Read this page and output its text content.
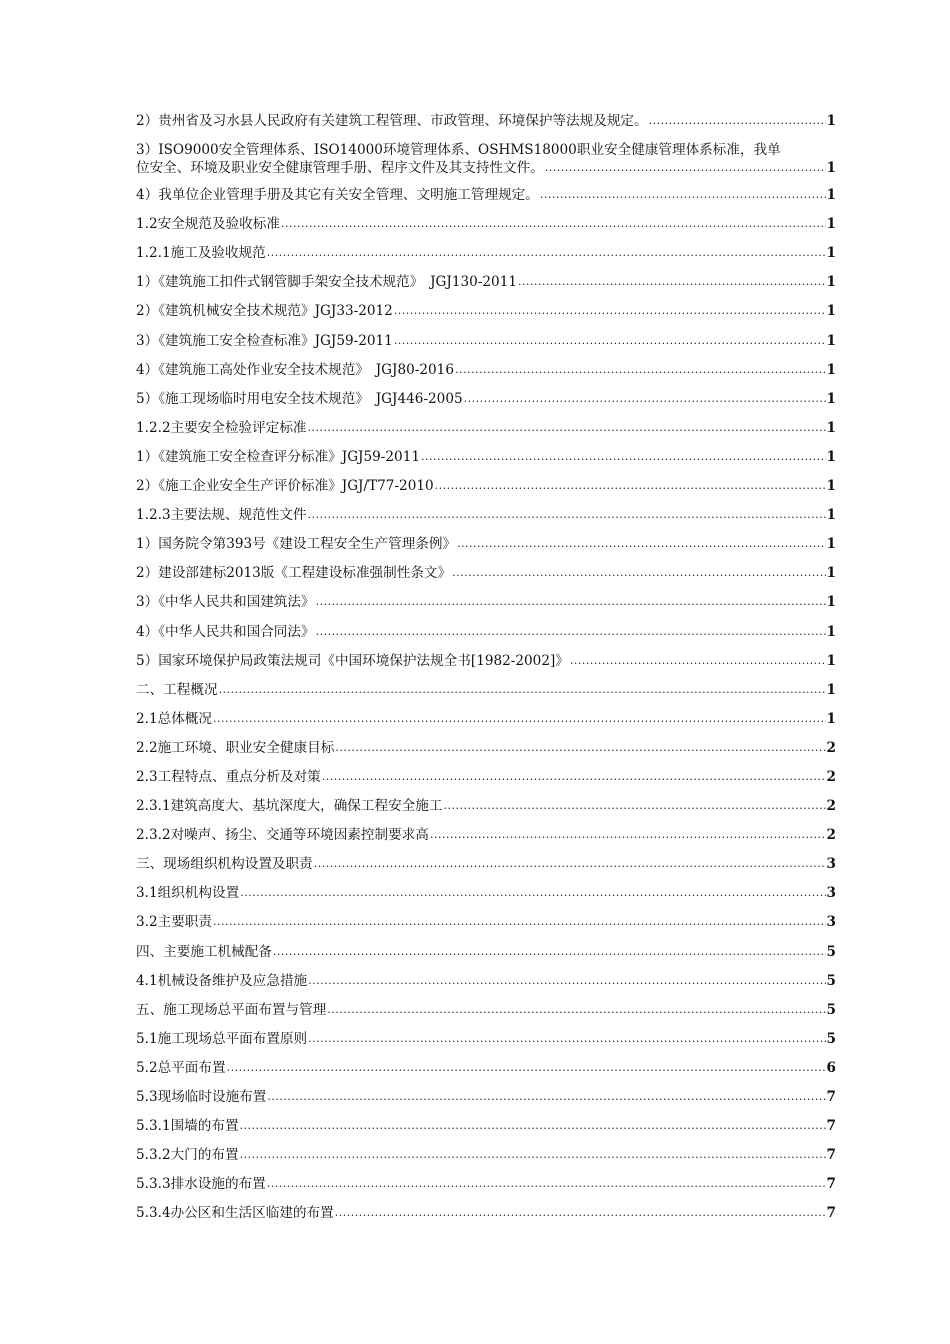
2）贵州省及习水县人民政府有关建筑工程管理、市政管理、环境保护等法规及规定。 .....	1
3）ISO9000安全管理体系、ISO14000环境管理体系、OSHMS18000职业安全健康管理体系标准，我单
位安全、环境及职业安全健康管理手册、程序文件及其支持性文件。 .....	1
4）我单位企业管理手册及其它有关安全管理、文明施工管理规定。 .....	1
1.2安全规范及验收标准 .....	1
1.2.1施工及验收规范 .....	1
1）《建筑施工扣件式钢管脚手架安全技术规范》　JGJ130-2011 .....	1
2）《建筑机械安全技术规范》JGJ33-2012 .....	1
3）《建筑施工安全检查标准》JGJ59-2011 .....	1
4）《建筑施工高处作业安全技术规范》　JGJ80-2016 .....	1
5）《施工现场临时用电安全技术规范》　JGJ446-2005 .....	1
1.2.2主要安全检验评定标准 .....	1
1）《建筑施工安全检查评分标准》JGJ59-2011 .....	1
2）《施工企业安全生产评价标准》JGJ/T77-2010 .....	1
1.2.3主要法规、规范性文件 .....	1
1）国务院令第393号《建设工程安全生产管理条例》 .....	1
2）建设部建标2013版《工程建设标准强制性条文》 .....	1
3）《中华人民共和国建筑法》 .....	1
4）《中华人民共和国合同法》 .....	1
5）国家环境保护局政策法规司《中国环境保护法规全书[1982-2002]》 .....	1
二、工程概况 .....	1
2.1总体概况 .....	1
2.2施工环境、职业安全健康目标 .....	2
2.3工程特点、重点分析及对策 .....	2
2.3.1建筑高度大、基坑深度大，确保工程安全施工 .....	2
2.3.2对噪声、扬尘、交通等环境因素控制要求高 .....	2
三、现场组织机构设置及职责 .....	3
3.1组织机构设置 .....	3
3.2主要职责 .....	3
四、主要施工机械配备 .....	5
4.1机械设备维护及应急措施 .....	5
五、施工现场总平面布置与管理 .....	5
5.1施工现场总平面布置原则 .....	5
5.2总平面布置 .....	6
5.3现场临时设施布置 .....	7
5.3.1围墙的布置 .....	7
5.3.2大门的布置 .....	7
5.3.3排水设施的布置 .....	7
5.3.4办公区和生活区临建的布置 .....	7
